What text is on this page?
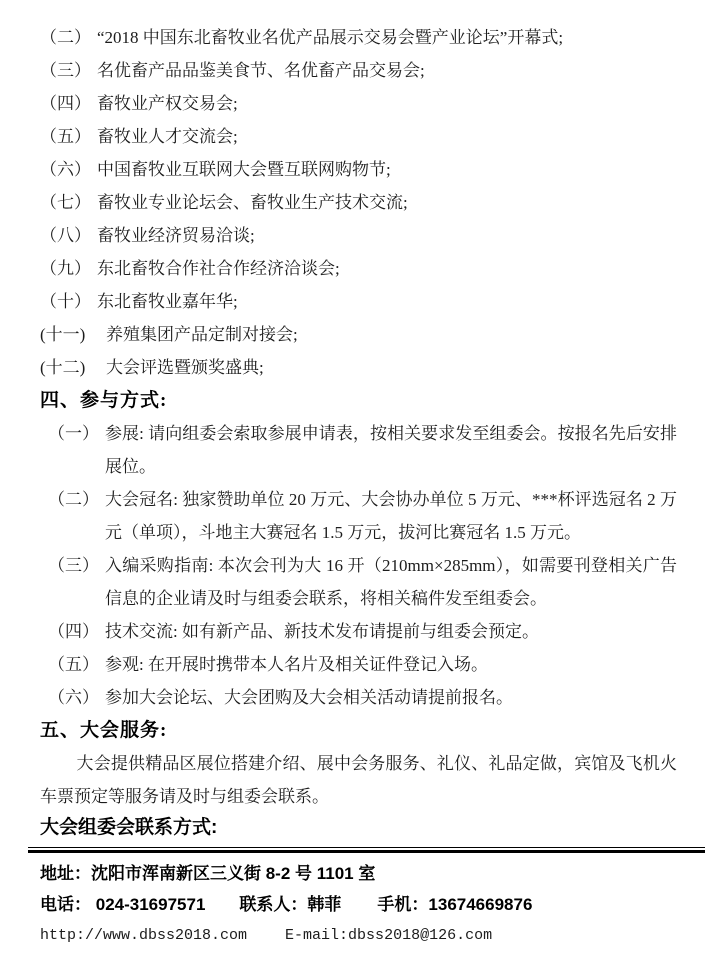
（二） “2018 中国东北畜牧业名优产品展示交易会暨产业论坛”开幕式;
（三） 名优畜产品品鉴美食节、名优畜产品交易会;
（四） 畜牧业产权交易会;
（五） 畜牧业人才交流会;
（六） 中国畜牧业互联网大会暨互联网购物节;
（七） 畜牧业专业论坛会、畜牧业生产技术交流;
（八） 畜牧业经济贸易洽谈;
（九） 东北畜牧合作社合作经济洽谈会;
（十） 东北畜牧业嘉年华;
(十一)	养殖集团产品定制对接会;
(十二)	大会评选暨颁奖盛典;
四、参与方式:
（一） 参展: 请向组委会索取参展申请表，按相关要求发至组委会。按报名先后安排展位。
（二） 大会冠名: 独家赞助单位 20 万元、大会协办单位 5 万元、***杯评选冠名 2 万元（单项），斗地主大赛冠名 1.5 万元，拔河比赛冠名 1.5 万元。
（三） 入编采购指南: 本次会刊为大 16 开（210mm×285mm），如需要刊登相关广告信息的企业请及时与组委会联系，将相关稿件发至组委会。
（四） 技术交流: 如有新产品、新技术发布请提前与组委会预定。
（五） 参观: 在开展时携带本人名片及相关证件登记入场。
（六） 参加大会论坛、大会团购及大会相关活动请提前报名。
五、大会服务:

大会提供精品区展位搭建介绍、展中会务服务、礼仪、礼品定做，宾馆及飞机火车票预定等服务请及时与组委会联系。

大会组委会联系方式:
地址：沈阳市浑南新区三义街 8-2 号 1101 室
电话： 024-31697571 联系人：韩菲 手机：13674669876
http://www.dbss2018.com	E-mail:dbss2018@126.com
